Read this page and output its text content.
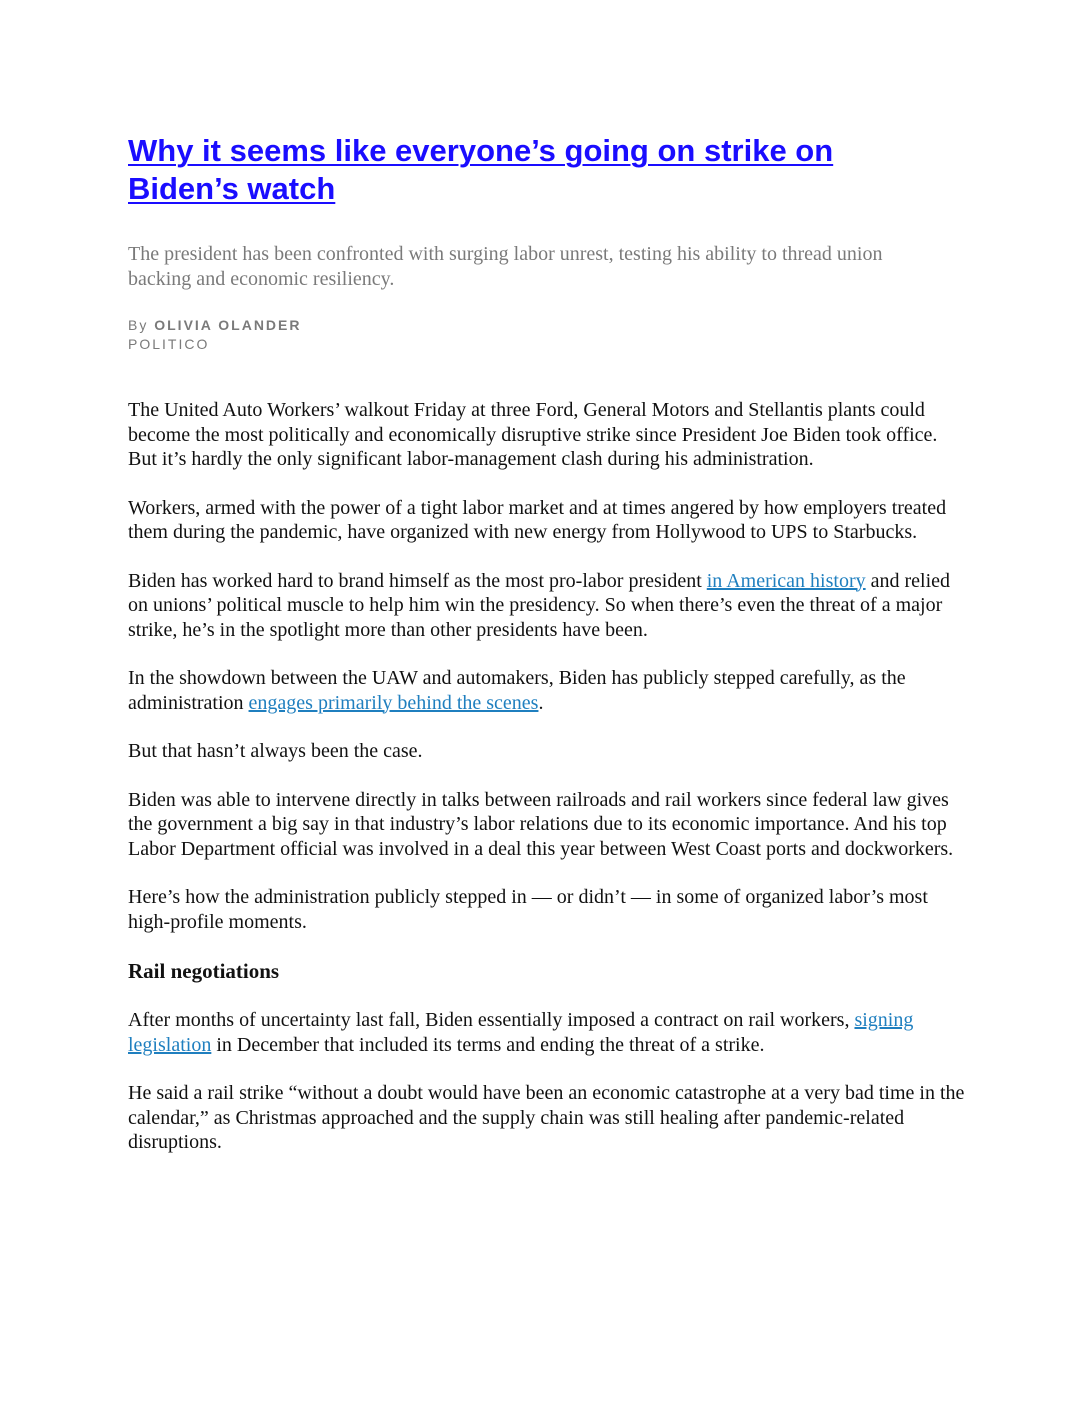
Why it seems like everyone’s going on strike on Biden’s watch

The president has been confronted with surging labor unrest, testing his ability to thread union backing and economic resiliency.

By OLIVIA OLANDER
POLITICO

The United Auto Workers’ walkout Friday at three Ford, General Motors and Stellantis plants could become the most politically and economically disruptive strike since President Joe Biden took office. But it’s hardly the only significant labor-management clash during his administration.

Workers, armed with the power of a tight labor market and at times angered by how employers treated them during the pandemic, have organized with new energy from Hollywood to UPS to Starbucks.

Biden has worked hard to brand himself as the most pro-labor president in American history and relied on unions’ political muscle to help him win the presidency. So when there’s even the threat of a major strike, he’s in the spotlight more than other presidents have been.

In the showdown between the UAW and automakers, Biden has publicly stepped carefully, as the administration engages primarily behind the scenes.

But that hasn’t always been the case.

Biden was able to intervene directly in talks between railroads and rail workers since federal law gives the government a big say in that industry’s labor relations due to its economic importance. And his top Labor Department official was involved in a deal this year between West Coast ports and dockworkers.

Here’s how the administration publicly stepped in — or didn’t — in some of organized labor’s most high-profile moments.

Rail negotiations

After months of uncertainty last fall, Biden essentially imposed a contract on rail workers, signing legislation in December that included its terms and ending the threat of a strike.

He said a rail strike “without a doubt would have been an economic catastrophe at a very bad time in the calendar,” as Christmas approached and the supply chain was still healing after pandemic-related disruptions.
